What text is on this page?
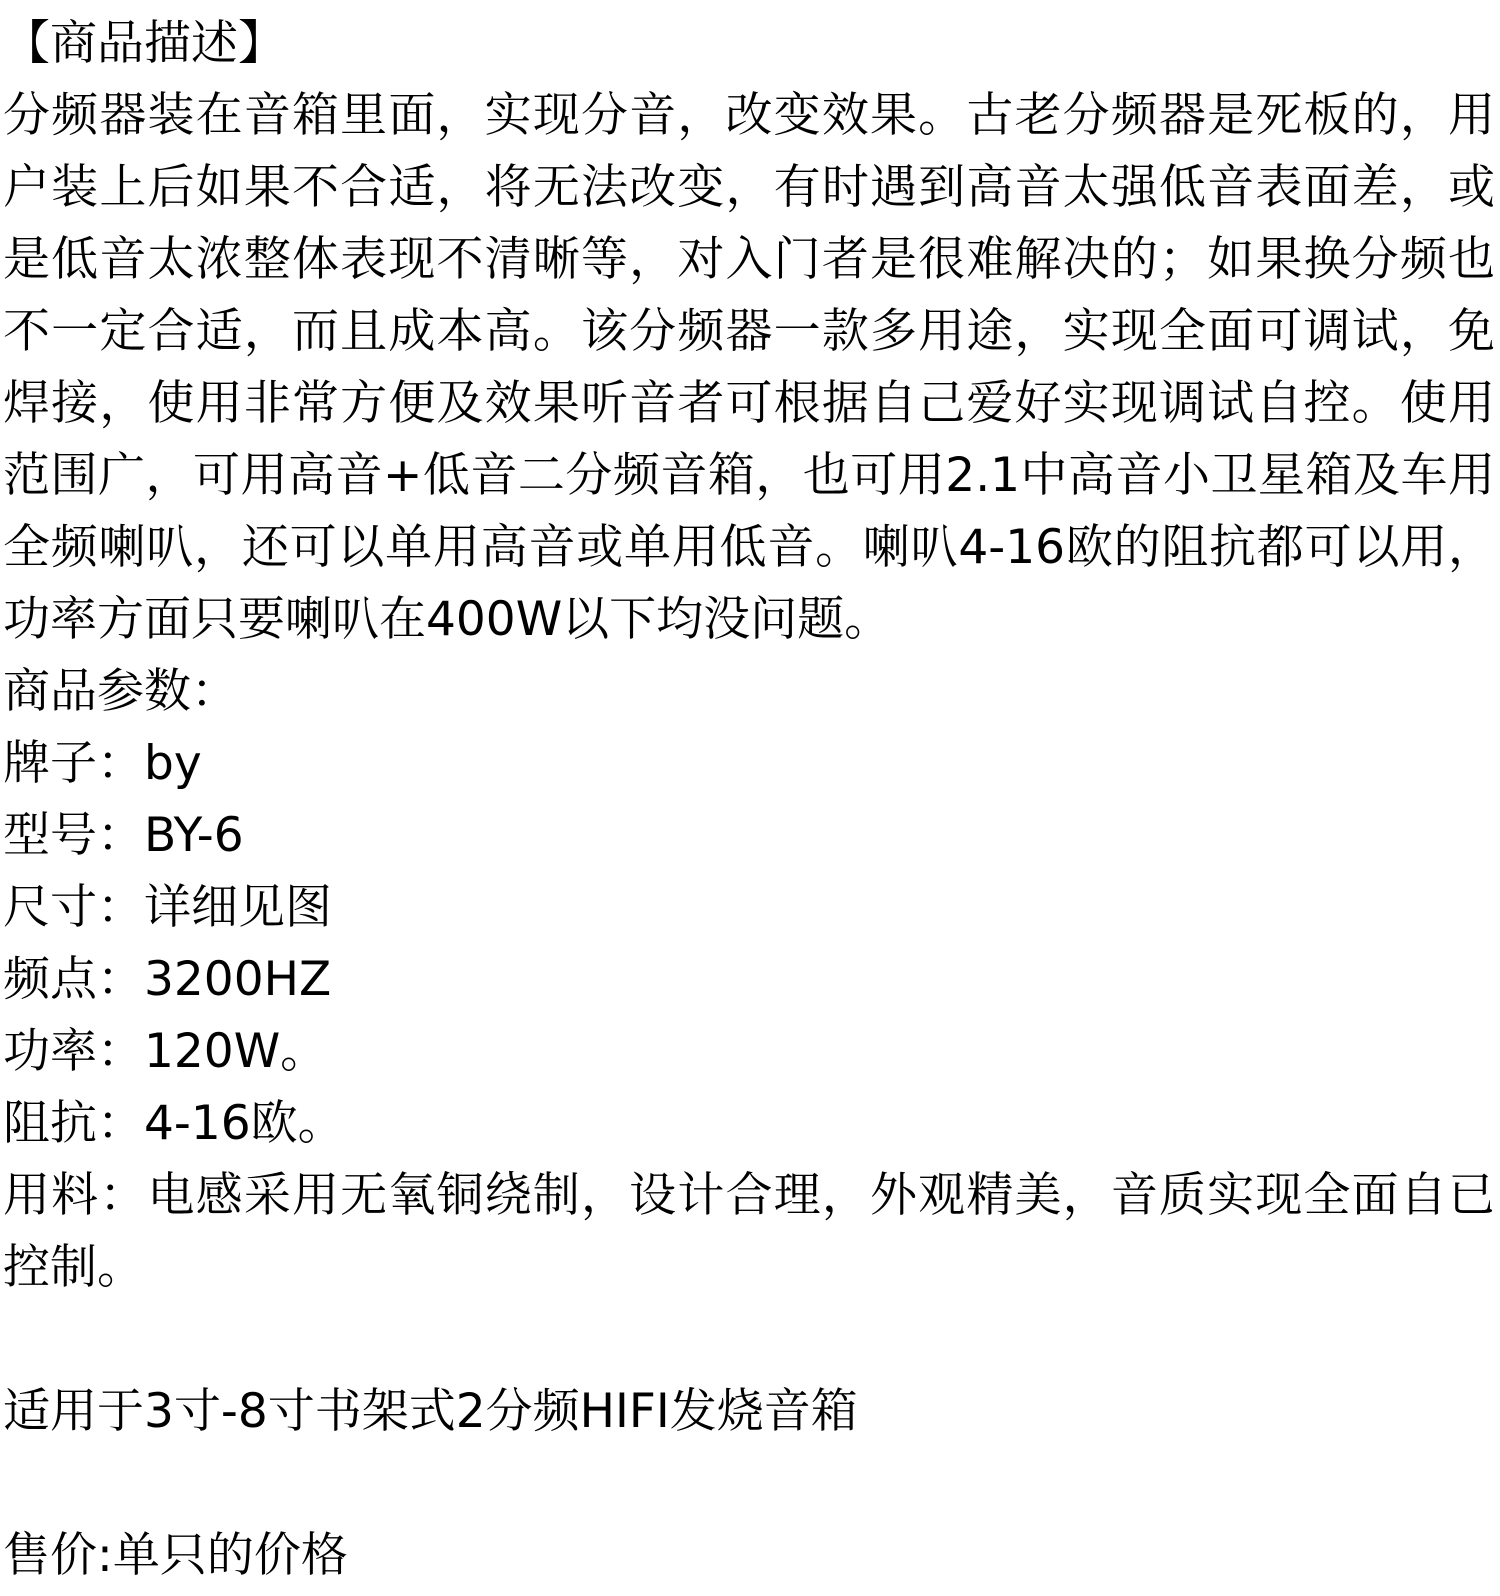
【商品描述】

分频器装在音箱里面，实现分音，改变效果。古老分频器是死板的，用户装上后如果不合适，将无法改变，有时遇到高音太强低音表面差，或是低音太浓整体表现不清晰等，对入门者是很难解决的；如果换分频也不一定合适，而且成本高。该分频器一款多用途，实现全面可调试，免焊接，使用非常方便及效果听音者可根据自己爱好实现调试自控。使用范围广，可用高音+低音二分频音箱，也可用2.1中高音小卫星箱及车用全频喇叭，还可以单用高音或单用低音。喇叭4-16欧的阻抗都可以用，功率方面只要喇叭在400W以下均没问题。

商品参数：

牌子：by

型号：BY-6

尺寸：详细见图

频点：3200HZ

功率：120W。

阻抗：4-16欧。

用料：电感采用无氧铜绕制，设计合理，外观精美，音质实现全面自已控制。

适用于3寸-8寸书架式2分频HIFI发烧音箱

售价:单只的价格
